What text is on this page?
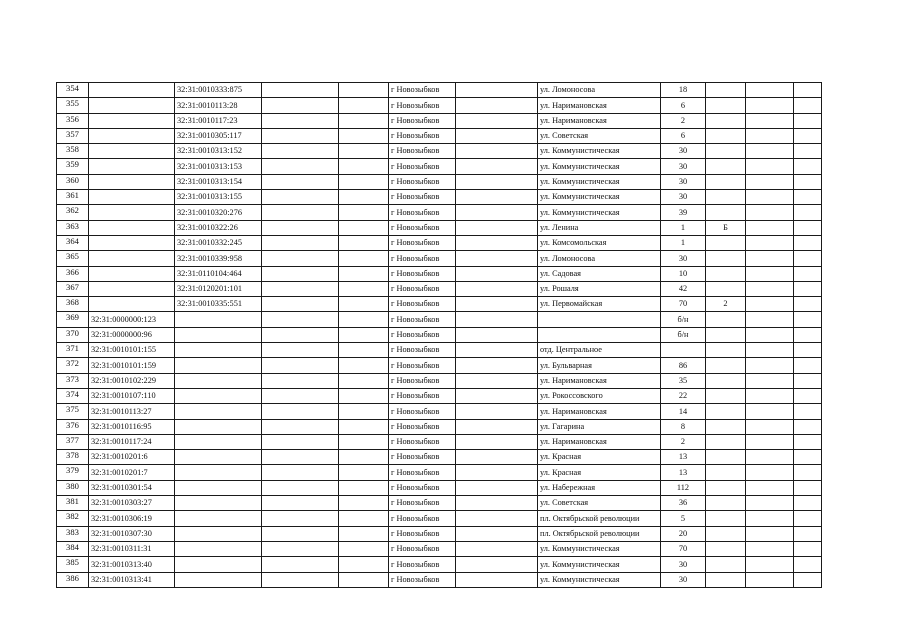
354		32:31:0010333:875			г Новозыбков		ул. Ломоносова	18			
355		32:31:0010113:28			г Новозыбков		ул. Наримановская	6			
356		32:31:0010117:23			г Новозыбков		ул. Наримановская	2			
357		32:31:0010305:117			г Новозыбков		ул. Советская	6			
358		32:31:0010313:152			г Новозыбков		ул. Коммунистическая	30			
359		32:31:0010313:153			г Новозыбков		ул. Коммунистическая	30			
360		32:31:0010313:154			г Новозыбков		ул. Коммунистическая	30			
361		32:31:0010313:155			г Новозыбков		ул. Коммунистическая	30			
362		32:31:0010320:276			г Новозыбков		ул. Коммунистическая	39			
363		32:31:0010322:26			г Новозыбков		ул. Ленина	1	Б		
364		32:31:0010332:245			г Новозыбков		ул. Комсомольская	1			
365		32:31:0010339:958			г Новозыбков		ул. Ломоносова	30			
366		32:31:0110104:464			г Новозыбков		ул. Садовая	10			
367		32:31:0120201:101			г Новозыбков		ул. Рошаля	42			
368		32:31:0010335:551			г Новозыбков		ул. Первомайская	70	2		
369	32:31:0000000:123				г Новозыбков			б/н			
370	32:31:0000000:96				г Новозыбков			б/н			
371	32:31:0010101:155				г Новозыбков		отд. Центральное				
372	32:31:0010101:159				г Новозыбков		ул. Бульварная	86			
373	32:31:0010102:229				г Новозыбков		ул. Наримановская	35			
374	32:31:0010107:110				г Новозыбков		ул. Рокоссовского	22			
375	32:31:0010113:27				г Новозыбков		ул. Наримановская	14			
376	32:31:0010116:95				г Новозыбков		ул. Гагарина	8			
377	32:31:0010117:24				г Новозыбков		ул. Наримановская	2			
378	32:31:0010201:6				г Новозыбков		ул. Красная	13			
379	32:31:0010201:7				г Новозыбков		ул. Красная	13			
380	32:31:0010301:54				г Новозыбков		ул. Набережная	112			
381	32:31:0010303:27				г Новозыбков		ул. Советская	36			
382	32:31:0010306:19				г Новозыбков		пл. Октябрьской революции	5			
383	32:31:0010307:30				г Новозыбков		пл. Октябрьской революции	20			
384	32:31:0010311:31				г Новозыбков		ул. Коммунистическая	70			
385	32:31:0010313:40				г Новозыбков		ул. Коммунистическая	30			
386	32:31:0010313:41				г Новозыбков		ул. Коммунистическая	30			
